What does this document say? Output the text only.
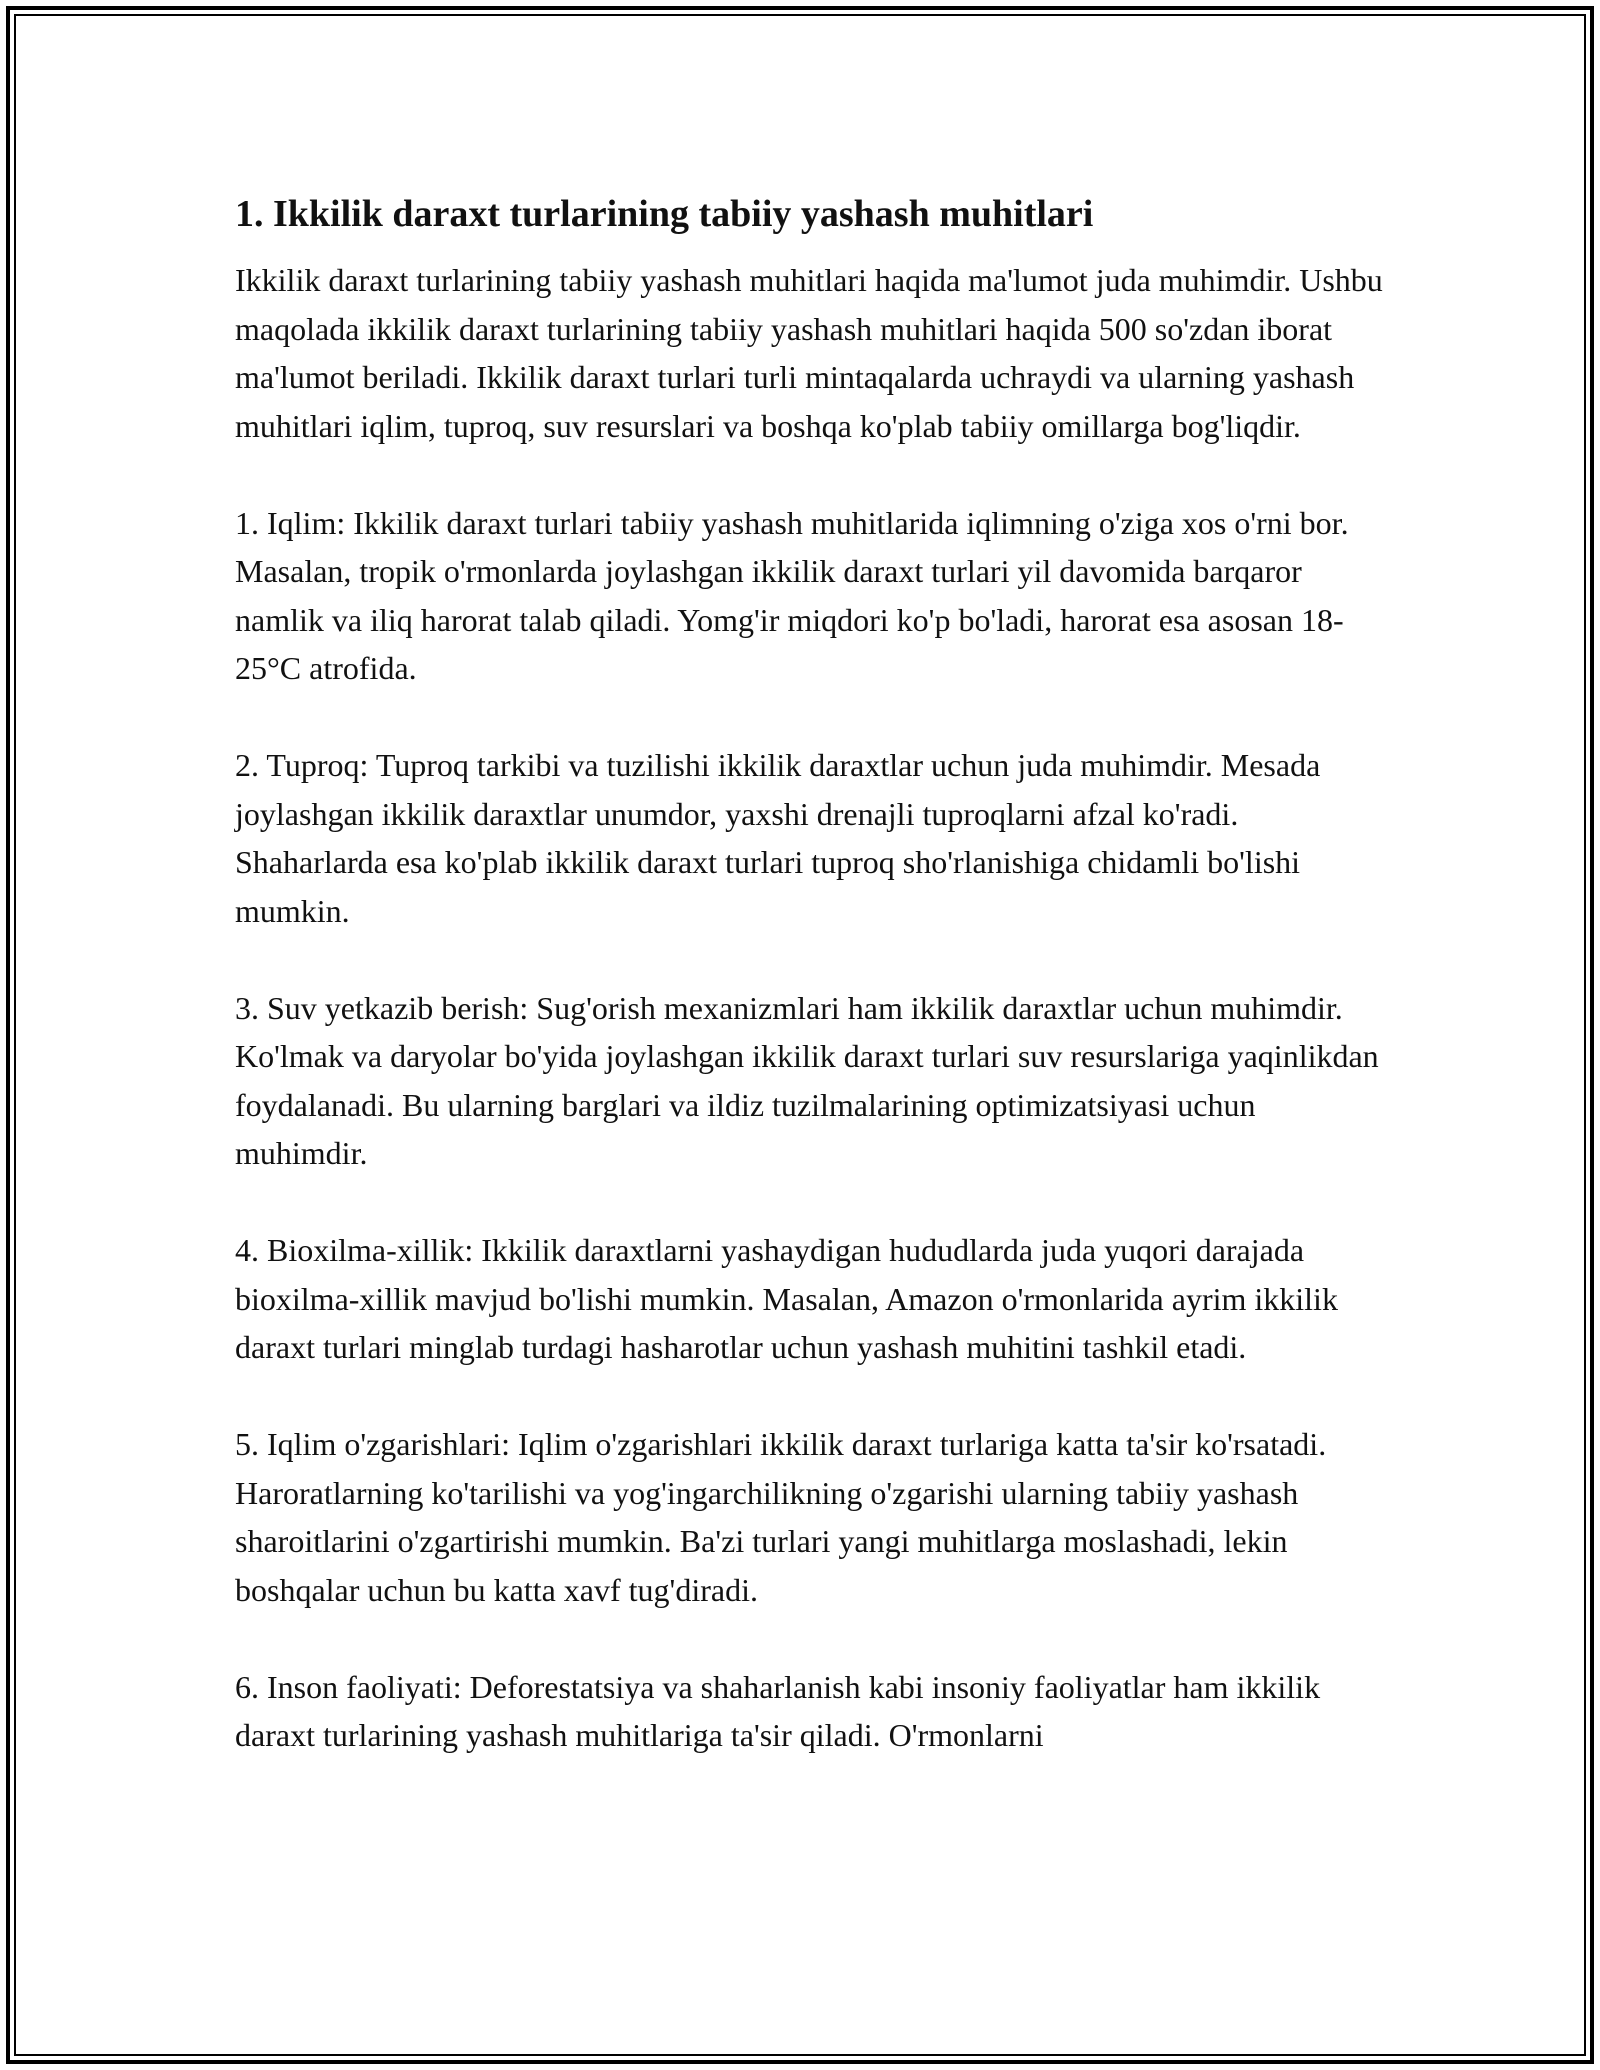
1. Ikkilik daraxt turlarining tabiiy yashash muhitlari

Ikkilik daraxt turlarining tabiiy yashash muhitlari haqida ma'lumot juda muhimdir. Ushbu maqolada ikkilik daraxt turlarining tabiiy yashash muhitlari haqida 500 so'zdan iborat ma'lumot beriladi. Ikkilik daraxt turlari turli mintaqalarda uchraydi va ularning yashash muhitlari iqlim, tuproq, suv resurslari va boshqa ko'plab tabiiy omillarga bog'liqdir.

1. Iqlim: Ikkilik daraxt turlari tabiiy yashash muhitlarida iqlimning o'ziga xos o'rni bor. Masalan, tropik o'rmonlarda joylashgan ikkilik daraxt turlari yil davomida barqaror namlik va iliq harorat talab qiladi. Yomg'ir miqdori ko'p bo'ladi, harorat esa asosan 18-25°C atrofida.

2. Tuproq: Tuproq tarkibi va tuzilishi ikkilik daraxtlar uchun juda muhimdir. Mesada joylashgan ikkilik daraxtlar unumdor, yaxshi drenajli tuproqlarni afzal ko'radi. Shaharlarda esa ko'plab ikkilik daraxt turlari tuproq sho'rlanishiga chidamli bo'lishi mumkin.

3. Suv yetkazib berish: Sug'orish mexanizmlari ham ikkilik daraxtlar uchun muhimdir. Ko'lmak va daryolar bo'yida joylashgan ikkilik daraxt turlari suv resurslariga yaqinlikdan foydalanadi. Bu ularning barglari va ildiz tuzilmalarining optimizatsiyasi uchun muhimdir.

4. Bioxilma-xillik: Ikkilik daraxtlarni yashaydigan hududlarda juda yuqori darajada bioxilma-xillik mavjud bo'lishi mumkin. Masalan, Amazon o'rmonlarida ayrim ikkilik daraxt turlari minglab turdagi hasharotlar uchun yashash muhitini tashkil etadi.

5. Iqlim o'zgarishlari: Iqlim o'zgarishlari ikkilik daraxt turlariga katta ta'sir ko'rsatadi. Haroratlarning ko'tarilishi va yog'ingarchilikning o'zgarishi ularning tabiiy yashash sharoitlarini o'zgartirishi mumkin. Ba'zi turlari yangi muhitlarga moslashadi, lekin boshqalar uchun bu katta xavf tug'diradi.

6. Inson faoliyati: Deforestatsiya va shaharlanish kabi insoniy faoliyatlar ham ikkilik daraxt turlarining yashash muhitlariga ta'sir qiladi. O'rmonlarni
